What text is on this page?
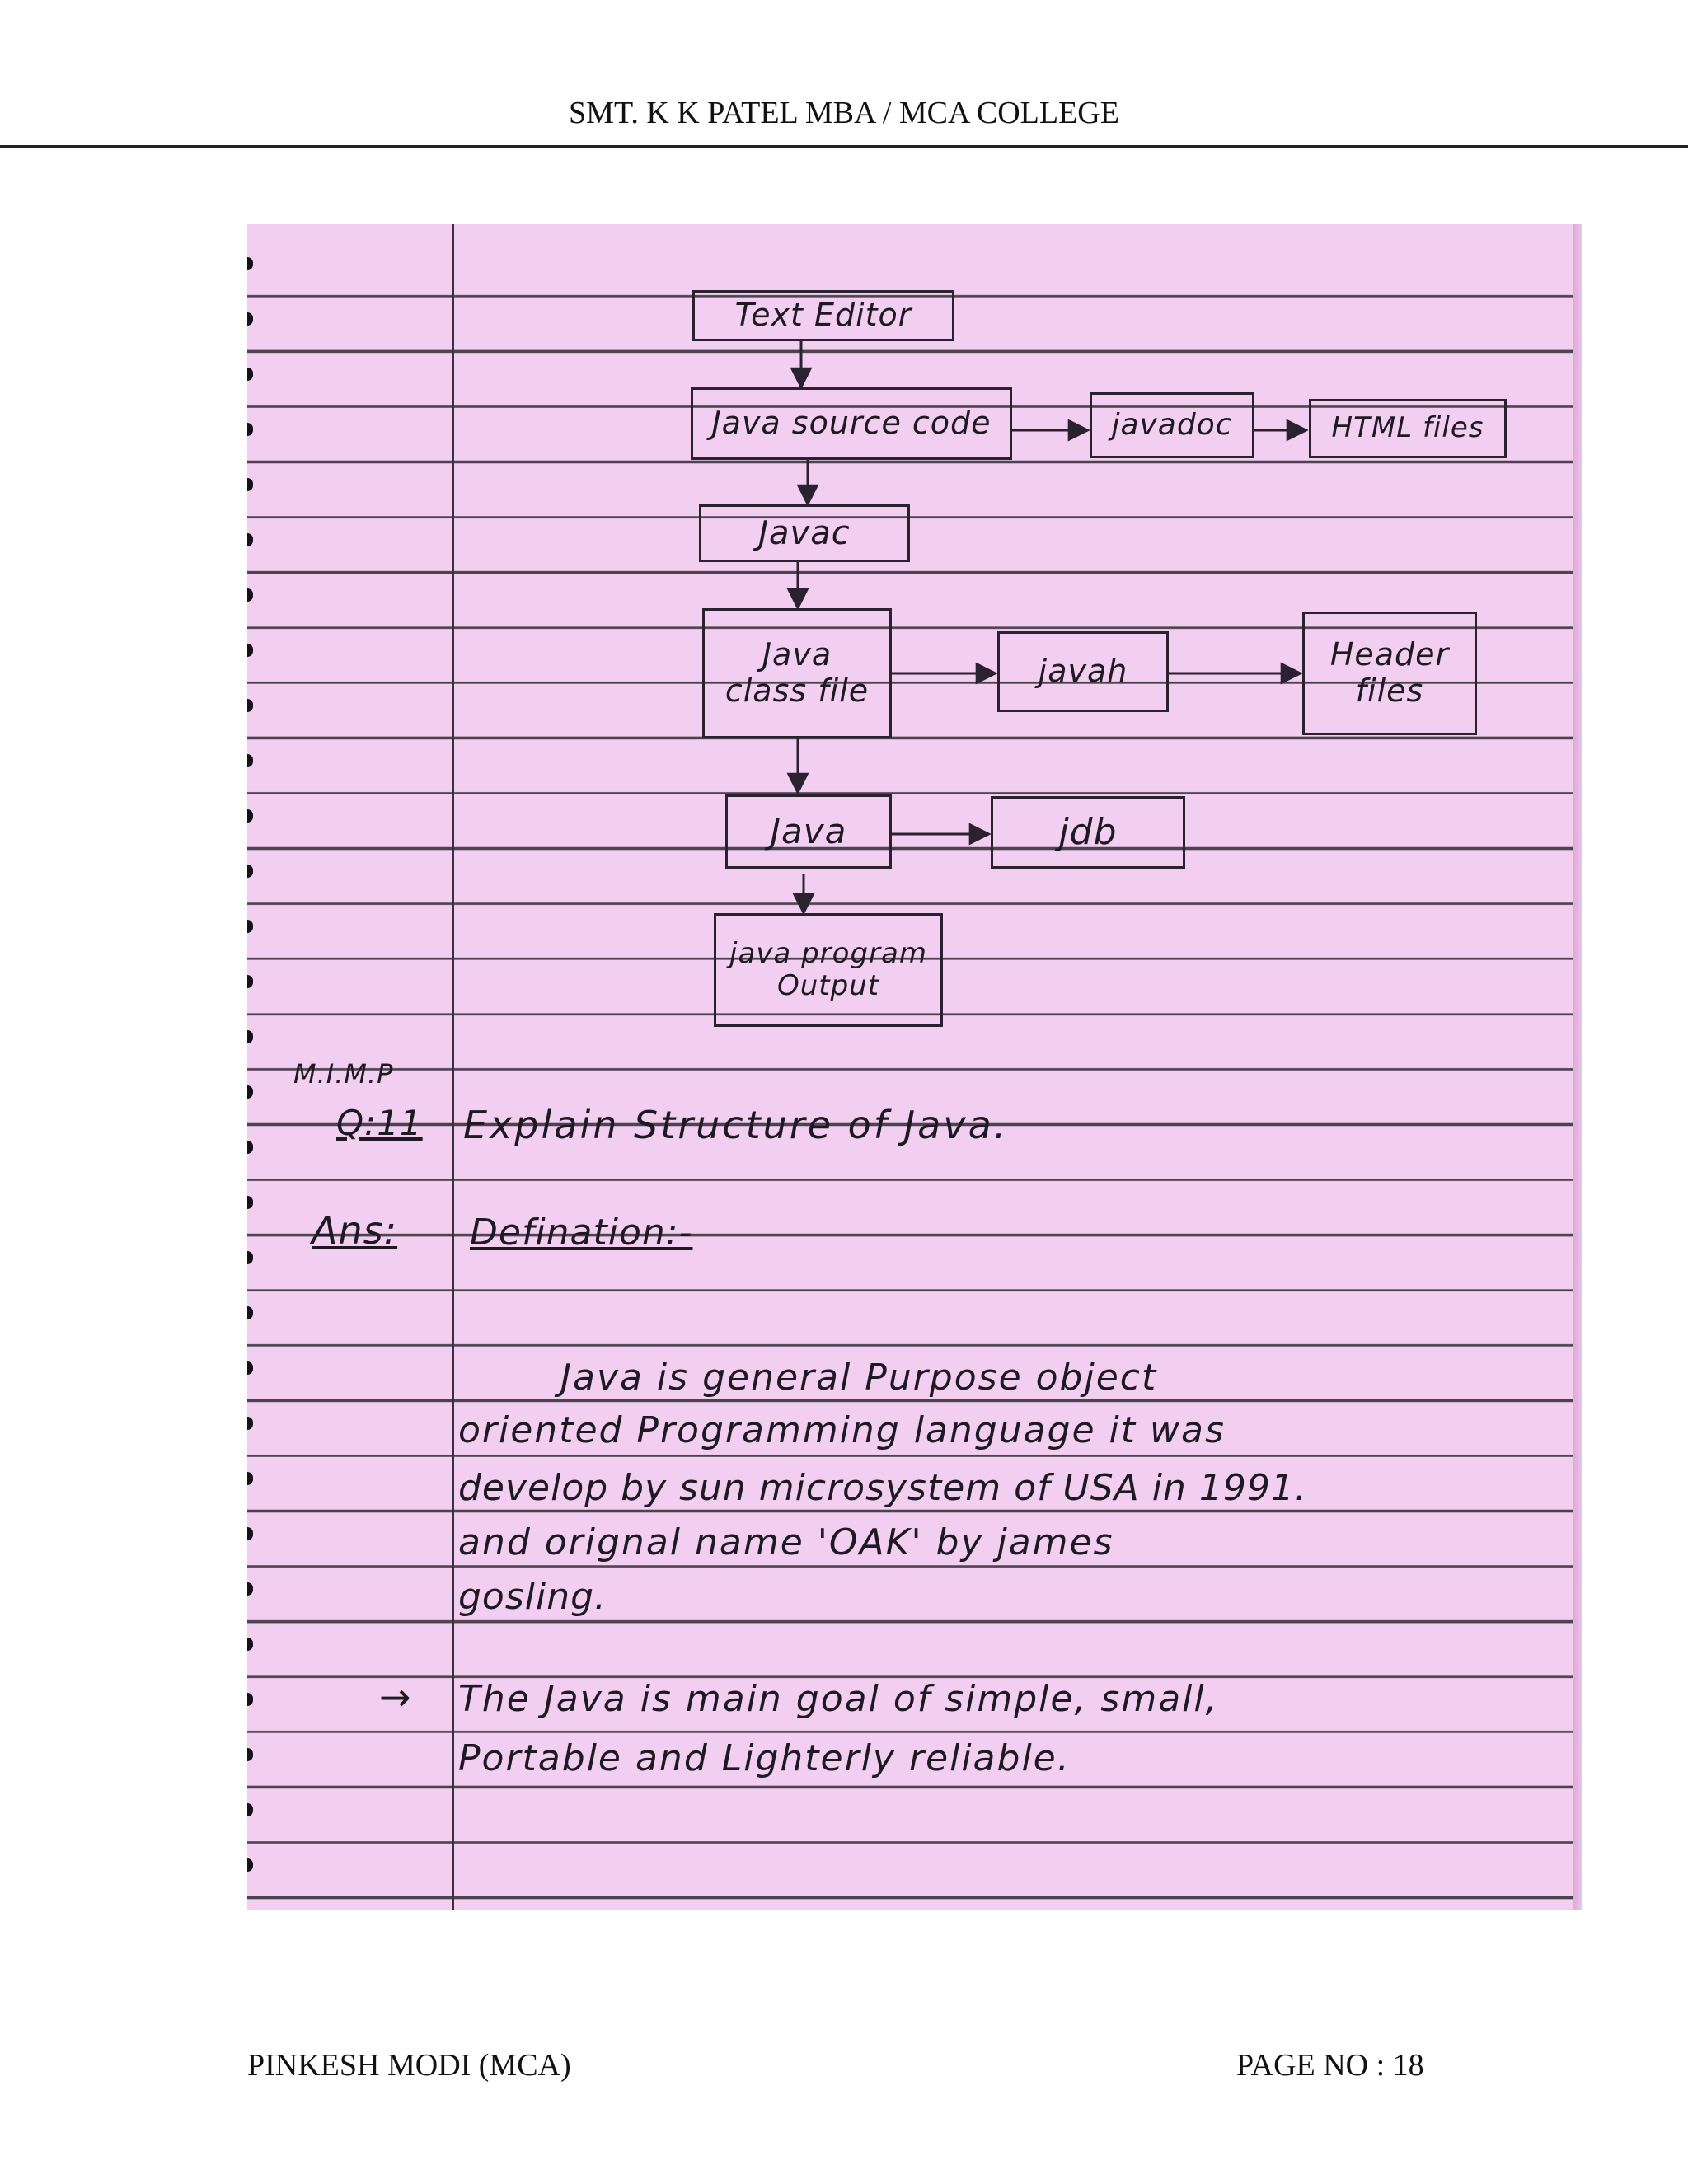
SMT. K K PATEL MBA / MCA COLLEGE
Text Editor
Java source code	javadoc	HTML files
Javac
Java
class file
javah	Header
files
Java	jdb
java program
Output
M.I.M.P
Q:11 Explain Structure of Java.
Ans: Defination:-
Java is general Purpose object
oriented Programming language it was
develop by sun microsystem of USA in 1991.
and orignal name 'OAK' by james
gosling.
→ The Java is main goal of simple, small,
Portable and Lighterly reliable.
PINKESH MODI (MCA)	PAGE NO : 18
